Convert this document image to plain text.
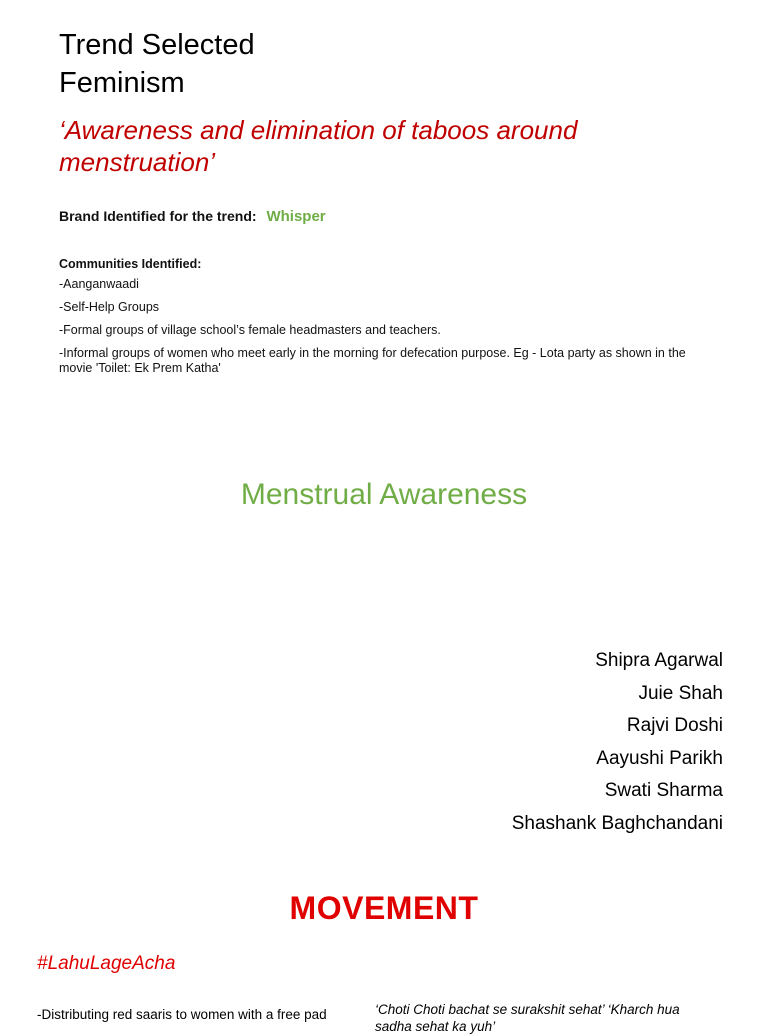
Trend Selected
Feminism
‘Awareness and elimination of taboos around menstruation’
Brand Identified for the trend: Whisper
Communities Identified:
-Aanganwaadi
-Self-Help Groups
-Formal groups of village school’s female headmasters and teachers.
-Informal groups of women who meet early in the morning for defecation purpose. Eg - Lota party as shown in the movie 'Toilet: Ek Prem Katha'
Menstrual Awareness
Shipra Agarwal
Juie Shah
Rajvi Doshi
Aayushi Parikh
Swati Sharma
Shashank Baghchandani
MOVEMENT
#LahuLageAcha
-Distributing red saaris to women with a free pad	‘Choti Choti bachat se surakshit sehat’ ‘Kharch hua sadha sehat ka yuh’
